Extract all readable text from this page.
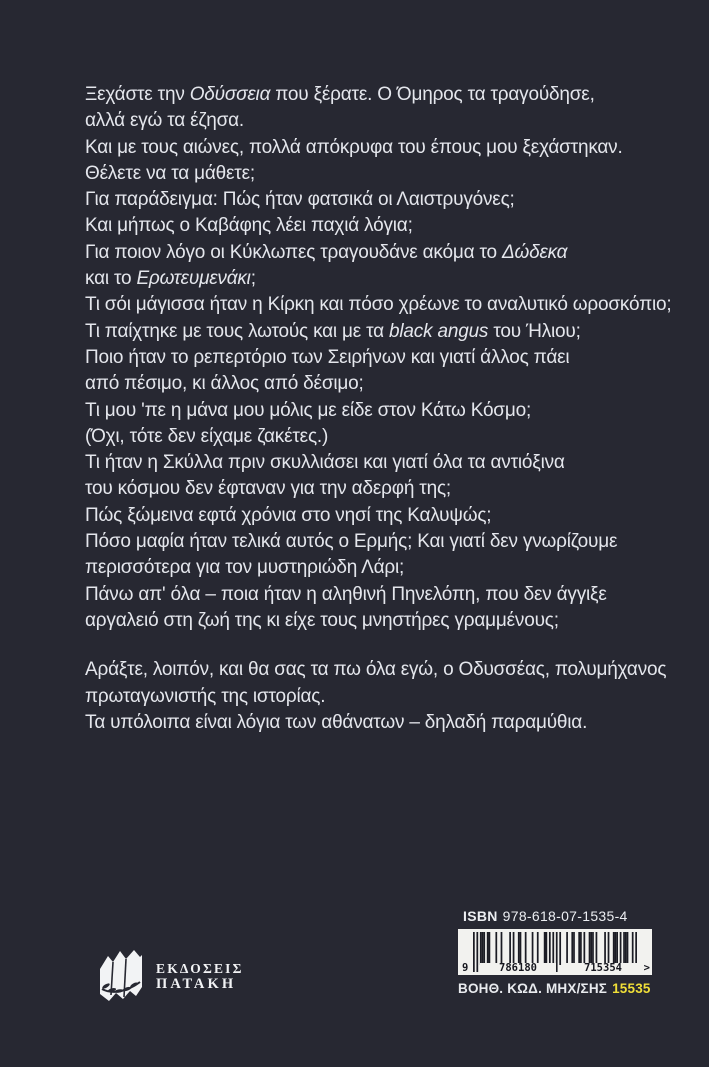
Ξεχάστε την Οδύσσεια που ξέρατε. Ο Όμηρος τα τραγούδησε,
αλλά εγώ τα έζησα.
Και με τους αιώνες, πολλά απόκρυφα του έπους μου ξεχάστηκαν.
Θέλετε να τα μάθετε;
Για παράδειγμα: Πώς ήταν φατσικά οι Λαιστρυγόνες;
Και μήπως ο Καβάφης λέει παχιά λόγια;
Για ποιον λόγο οι Κύκλωπες τραγουδάνε ακόμα το Δώδεκα
και το Ερωτευμενάκι;
Τι σόι μάγισσα ήταν η Κίρκη και πόσο χρέωνε το αναλυτικό ωροσκόπιο;
Τι παίχτηκε με τους λωτούς και με τα black angus του Ήλιου;
Ποιο ήταν το ρεπερτόριο των Σειρήνων και γιατί άλλος πάει
από πέσιμο, κι άλλος από δέσιμο;
Τι μου 'πε η μάνα μου μόλις με είδε στον Κάτω Κόσμο;
(Όχι, τότε δεν είχαμε ζακέτες.)
Τι ήταν η Σκύλλα πριν σκυλλιάσει και γιατί όλα τα αντιόξινα
του κόσμου δεν έφταναν για την αδερφή της;
Πώς ξώμεινα εφτά χρόνια στο νησί της Καλυψώς;
Πόσο μαφία ήταν τελικά αυτός ο Ερμής; Και γιατί δεν γνωρίζουμε
περισσότερα για τον μυστηριώδη Λάρι;
Πάνω απ' όλα – ποια ήταν η αληθινή Πηνελόπη, που δεν άγγιξε
αργαλειό στη ζωή της κι είχε τους μνηστήρες γραμμένους;
Αράξτε, λοιπόν, και θα σας τα πω όλα εγώ, ο Οδυσσέας, πολυμήχανος
πρωταγωνιστής της ιστορίας.
Τα υπόλοιπα είναι λόγια των αθάνατων – δηλαδή παραμύθια.
ΕΚΔΟΣΕΙΣ
ΠΑΤΑΚΗ
ISBN 978-618-07-1535-4
9	786180	715354	>
ΒΟΗΘ. ΚΩΔ. ΜΗΧ/ΣΗΣ 15535
